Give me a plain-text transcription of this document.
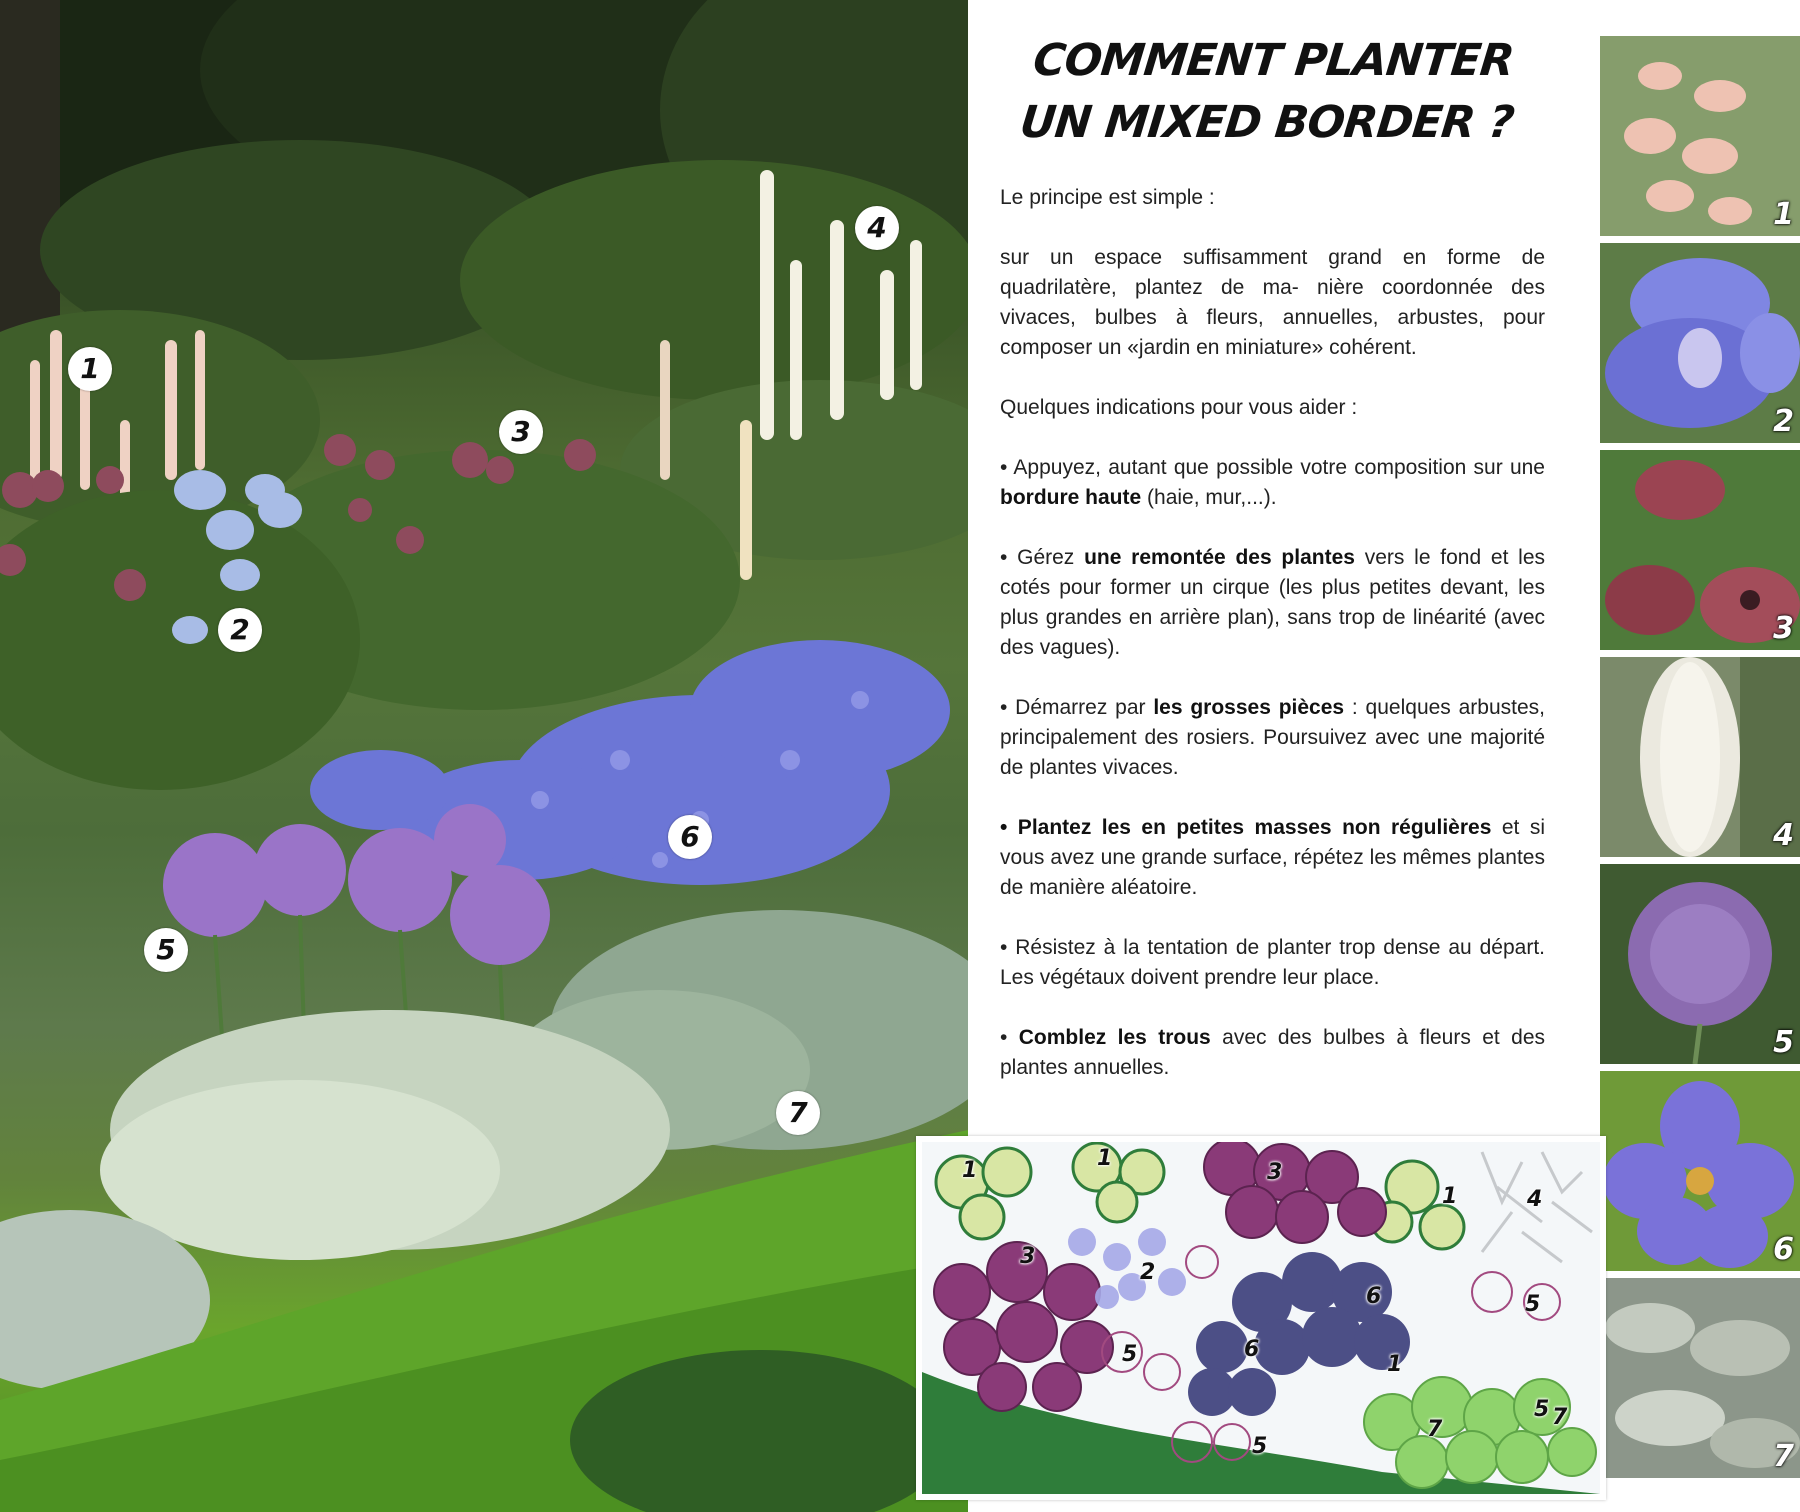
1
2
3
4
5
6
7
COMMENT PLANTER
UN MIXED BORDER ?

Le principe est simple :

sur un espace suffisamment grand en forme de quadrilatère, plantez de ma- nière coordonnée des vivaces, bulbes à fleurs, annuelles, arbustes, pour composer un «jardin en miniature» cohérent.

Quelques indications pour vous aider :

• Appuyez, autant que possible votre composition sur une bordure haute (haie, mur,...).

• Gérez une remontée des plantes vers le fond et les cotés pour former un cirque (les plus petites devant, les plus grandes en arrière plan), sans trop de linéarité (avec des vagues).

• Démarrez par les grosses pièces : quelques arbustes, principalement des rosiers. Poursuivez avec une majorité de plantes vivaces.

• Plantez les en petites masses non régulières et si vous avez une grande surface, répétez les mêmes plantes de manière aléatoire.

• Résistez à la tentation de planter trop dense au départ. Les végétaux doivent prendre leur place.

• Comblez les trous avec des bulbes à fleurs et des plantes annuelles.

1
2
3
4
5
6
7
1	1
1
1
2
3
3
4
5
5
5
5
6
6
7	7
